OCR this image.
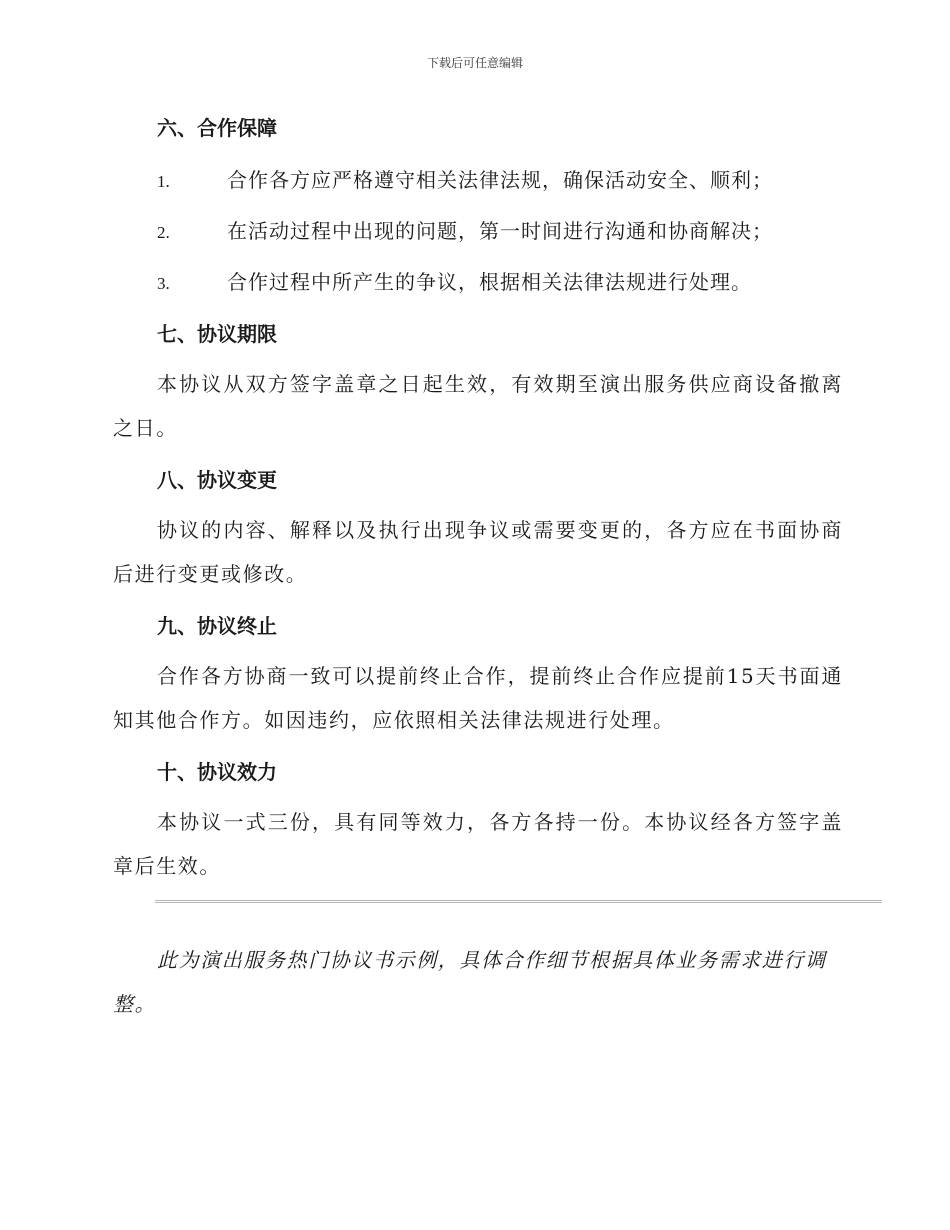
下载后可任意编辑
六、合作保障
1.	合作各方应严格遵守相关法律法规，确保活动安全、顺利；
2.	在活动过程中出现的问题，第一时间进行沟通和协商解决；
3.	合作过程中所产生的争议，根据相关法律法规进行处理。
七、协议期限
本协议从双方签字盖章之日起生效，有效期至演出服务供应商设备撤离之日。
八、协议变更
协议的内容、解释以及执行出现争议或需要变更的，各方应在书面协商后进行变更或修改。
九、协议终止
合作各方协商一致可以提前终止合作，提前终止合作应提前15天书面通知其他合作方。如因违约，应依照相关法律法规进行处理。
十、协议效力
本协议一式三份，具有同等效力，各方各持一份。本协议经各方签字盖章后生效。
此为演出服务热门协议书示例，具体合作细节根据具体业务需求进行调整。
